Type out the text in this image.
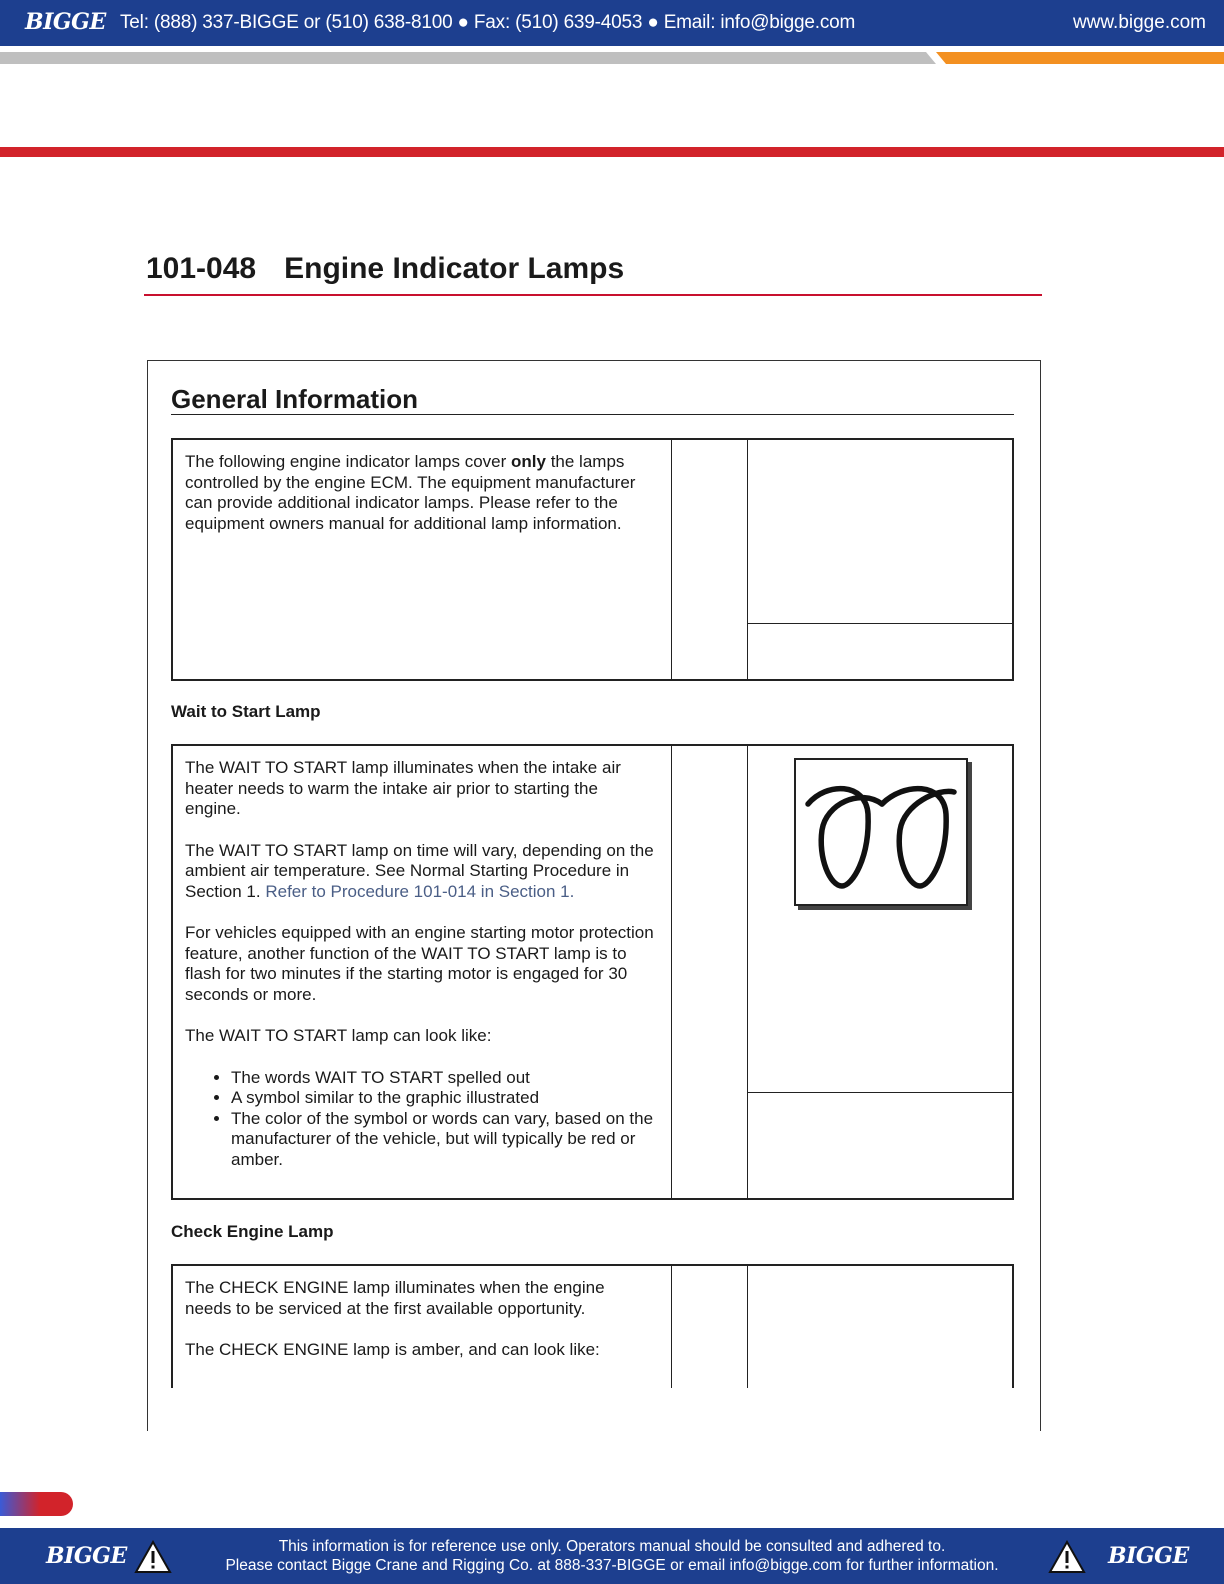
BIGGE Tel: (888) 337-BIGGE or (510) 638-8100 ● Fax: (510) 639-4053 ● Email: info@bigge.com	www.bigge.com
101-048 Engine Indicator Lamps
General Information

The following engine indicator lamps cover only the lamps controlled by the engine ECM. The equipment manufacturer can provide additional indicator lamps. Please refer to the equipment owners manual for additional lamp information.

Wait to Start Lamp

The WAIT TO START lamp illuminates when the intake air heater needs to warm the intake air prior to starting the engine.

The WAIT TO START lamp on time will vary, depending on the ambient air temperature. See Normal Starting Procedure in Section 1. Refer to Procedure 101-014 in Section 1.

For vehicles equipped with an engine starting motor protection feature, another function of the WAIT TO START lamp is to flash for two minutes if the starting motor is engaged for 30 seconds or more.

The WAIT TO START lamp can look like:

• The words WAIT TO START spelled out
• A symbol similar to the graphic illustrated
• The color of the symbol or words can vary, based on the manufacturer of the vehicle, but will typically be red or amber.
Check Engine Lamp

The CHECK ENGINE lamp illuminates when the engine needs to be serviced at the first available opportunity.

The CHECK ENGINE lamp is amber, and can look like:

BIGGE	This information is for reference use only. Operators manual should be consulted and adhered to.
Please contact Bigge Crane and Rigging Co. at 888-337-BIGGE or email info@bigge.com for further information.	BIGGE
